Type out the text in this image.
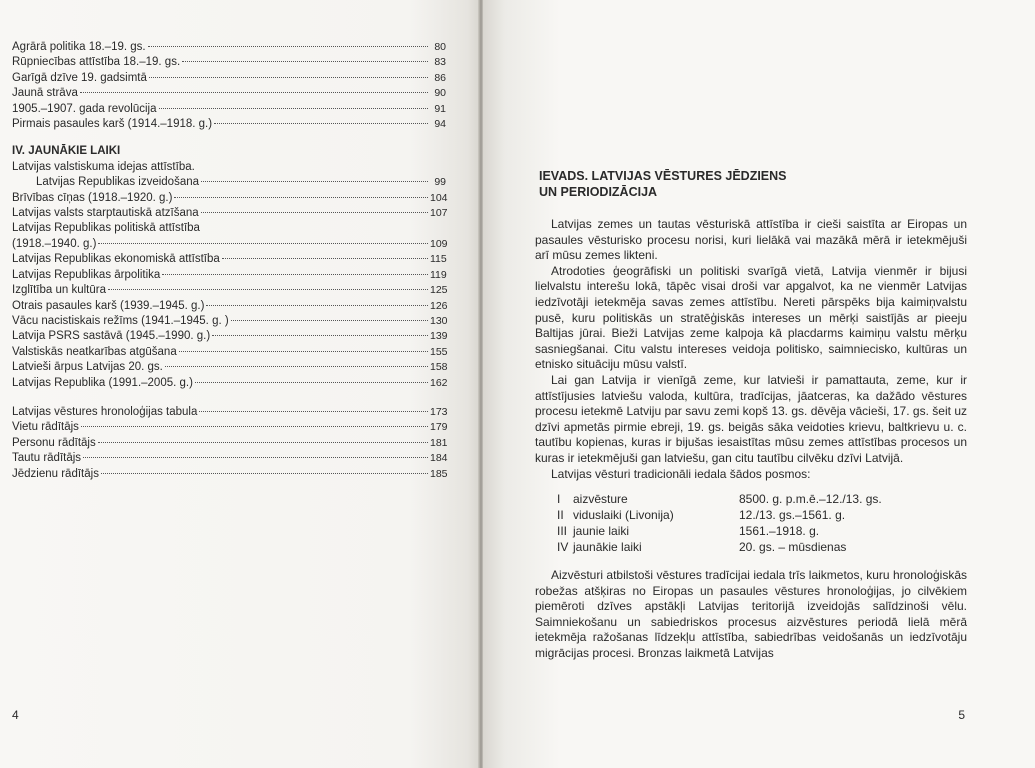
Agrārā politika 18.–19. gs.	80
Rūpniecības attīstība 18.–19. gs.	83
Garīgā dzīve 19. gadsimtā	86
Jaunā strāva	90
1905.–1907. gada revolūcija	91
Pirmais pasaules karš (1914.–1918. g.)	94
IV. JAUNĀKIE LAIKI
Latvijas valstiskuma idejas attīstība.
Latvijas Republikas izveidošana	99
Brīvības cīņas (1918.–1920. g.)	104
Latvijas valsts starptautiskā atzīšana	107
Latvijas Republikas politiskā attīstība
(1918.–1940. g.)	109
Latvijas Republikas ekonomiskā attīstība	115
Latvijas Republikas ārpolitika	119
Izglītība un kultūra	125
Otrais pasaules karš (1939.–1945. g.)	126
Vācu nacistiskais režīms (1941.–1945. g. )	130
Latvija PSRS sastāvā (1945.–1990. g.)	139
Valstiskās neatkarības atgūšana	155
Latvieši ārpus Latvijas 20. gs.	158
Latvijas Republika (1991.–2005. g.)	162
Latvijas vēstures hronoloģijas tabula	173
Vietu rādītājs	179
Personu rādītājs	181
Tautu rādītājs	184
Jēdzienu rādītājs	185
4
IEVADS. LATVIJAS VĒSTURES JĒDZIENS
UN PERIODIZĀCIJA

Latvijas zemes un tautas vēsturiskā attīstība ir cieši saistīta ar Eiropas un pasaules vēsturisko procesu norisi, kuri lielākā vai mazākā mērā ir ietekmējuši arī mūsu zemes likteni.

Atrodoties ģeogrāfiski un politiski svarīgā vietā, Latvija vienmēr ir bijusi lielvalstu interešu lokā, tāpēc visai droši var apgalvot, ka ne vienmēr Latvijas iedzīvotāji ietekmēja savas zemes attīstību. Nereti pārspēks bija kaimiņvalstu pusē, kuru politiskās un stratēģiskās intereses un mērķi saistījās ar pieeju Baltijas jūrai. Bieži Latvijas zeme kalpoja kā placdarms kaimiņu valstu mērķu sasniegšanai. Citu valstu intereses veidoja politisko, saimniecisko, kultūras un etnisko situāciju mūsu valstī.

Lai gan Latvija ir vienīgā zeme, kur latvieši ir pamattauta, zeme, kur ir attīstījusies latviešu valoda, kultūra, tradīcijas, jāatceras, ka dažādo vēstures procesu ietekmē Latviju par savu zemi kopš 13. gs. dēvēja vācieši, 17. gs. šeit uz dzīvi apmetās pirmie ebreji, 19. gs. beigās sāka veidoties krievu, baltkrievu u. c. tautību kopienas, kuras ir bijušas iesaistītas mūsu zemes attīstības procesos un kuras ir ietekmējuši gan latviešu, gan citu tautību cilvēku dzīvi Latvijā.

Latvijas vēsturi tradicionāli iedala šādos posmos:

I	aizvēsture	8500. g. p.m.ē.–12./13. gs.
II viduslaiki (Livonija)	12./13. gs.–1561. g.
III jaunie laiki	1561.–1918. g.
IV jaunākie laiki	20. gs. – mūsdienas

Aizvēsturi atbilstoši vēstures tradīcijai iedala trīs laikmetos, kuru hronoloģiskās robežas atšķiras no Eiropas un pasaules vēstures hronoloģijas, jo cilvēkiem piemēroti dzīves apstākļi Latvijas teritorijā izveidojās salīdzinoši vēlu. Saimniekošanu un sabiedriskos procesus aizvēstures periodā lielā mērā ietekmēja ražošanas līdzekļu attīstība, sabiedrības veidošanās un iedzīvotāju migrācijas procesi. Bronzas laikmetā Latvijas

5
